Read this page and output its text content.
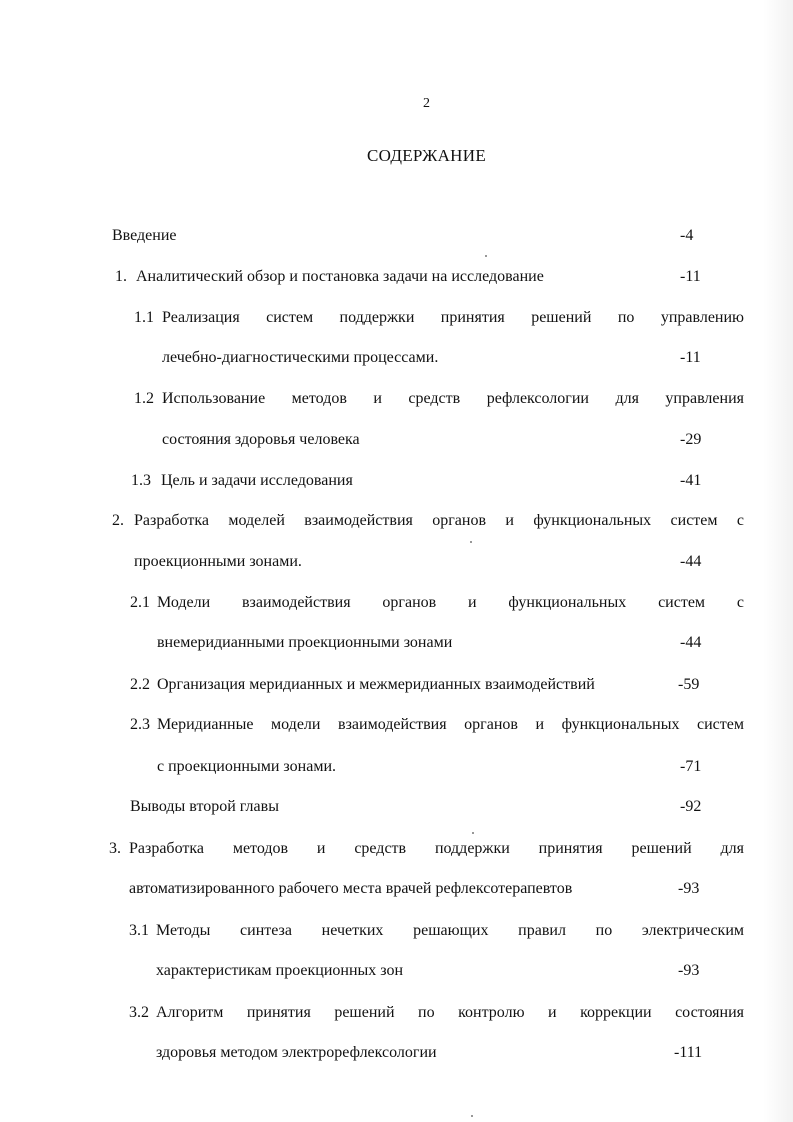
2
СОДЕРЖАНИЕ
Введение	-4
1. Аналитический обзор и постановка задачи на исследование	-11
1.1 Реализация систем поддержки принятия решений по управлению
лечебно-диагностическими процессами.	-11
1.2 Использование методов и средств рефлексологии для управления
состояния здоровья человека	-29
1.3 Цель и задачи исследования	-41
2. Разработка моделей взаимодействия органов и функциональных систем с
проекционными зонами.	-44
2.1 Модели взаимодействия органов и функциональных систем с
внемеридианными проекционными зонами	-44
2.2 Организация меридианных и межмеридианных взаимодействий	-59
2.3 Меридианные модели взаимодействия органов и функциональных систем
с проекционными зонами.	-71
Выводы второй главы	-92
3. Разработка методов и средств поддержки принятия решений для
автоматизированного рабочего места врачей рефлексотерапевтов	-93
3.1 Методы синтеза нечетких решающих правил по электрическим
характеристикам проекционных зон	-93
3.2 Алгоритм принятия решений по контролю и коррекции состояния
здоровья методом электрорефлексологии	-111
